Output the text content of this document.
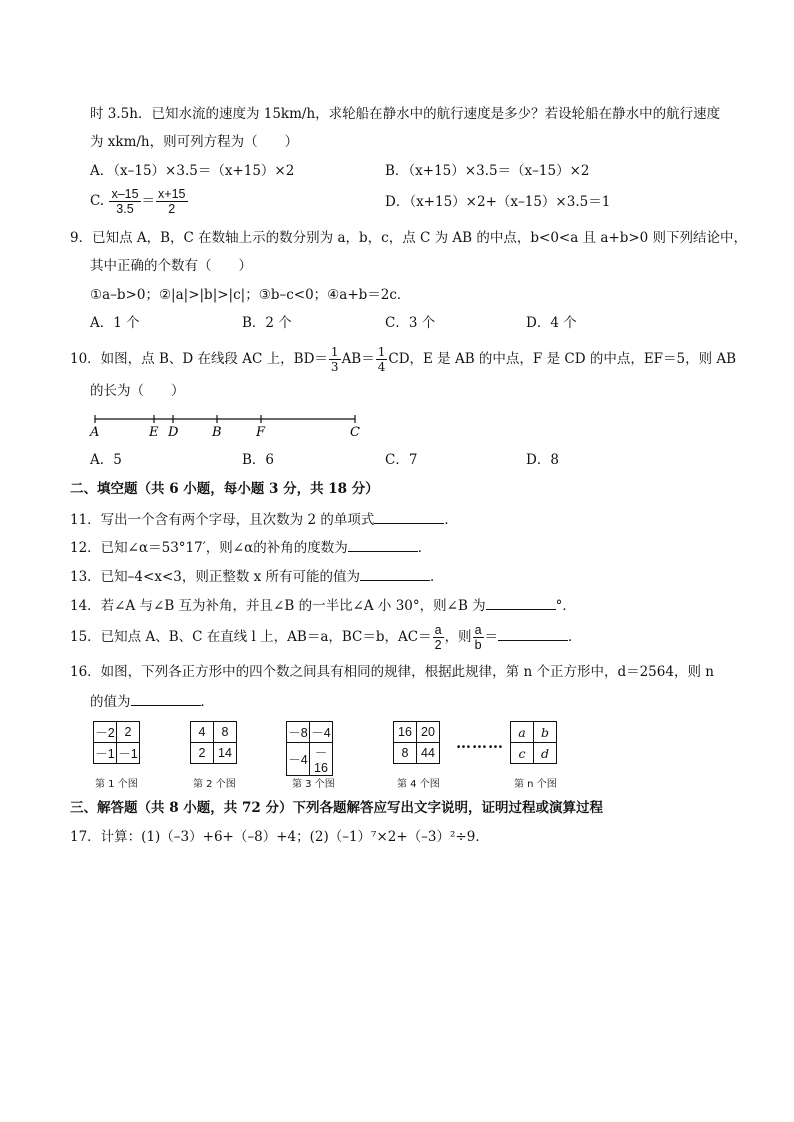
时 3.5h．已知水流的速度为 15km/h，求轮船在静水中的航行速度是多少？若设轮船在静水中的航行速度
为 xkm/h，则可列方程为（　　）
A．（x–15）×3.5＝（x+15）×2	B．（x+15）×3.5＝（x–15）×2
C. $\frac{x-15}{3.5} = \frac{x+15}{2}$	D．（x+15）×2+（x–15）×3.5＝1
9．已知点 A，B，C 在数轴上示的数分别为 a，b，c，点 C 为 AB 的中点，b<0<a 且 a+b>0 则下列结论中，
其中正确的个数有（　　）
①a–b>0；②|a|>|b|>|c|；③b–c<0；④a+b＝2c．
A．1 个	B．2 个	C．3 个	D．4 个
10．如图，点 B、D 在线段 AC 上，$BD= \frac{1}{3} AB= \frac{1}{4}$ CD，E 是 AB 的中点，F 是 CD 的中点，EF＝5，则 AB
的长为（　　）
A	E D	B	F	C
A．5	B．6	C．7	D．8
二、填空题（共 6 小题，每小题 3 分，共 18 分）
11．写出一个含有两个字母，且次数为 2 的单项式	．
12．已知∠α＝53°17′，则∠α的补角的度数为	．
13．已知–4<x<3，则正整数 x 所有可能的值为	．
14．若∠A 与∠B 互为补角，并且∠B 的一半比∠A 小 30°，则∠B 为	°．
15．已知点 A、B、C 在直线 l 上，AB＝a，BC＝b，$AC= \frac{a}{2}$ ，则 $\frac{a}{b}$ ＝	．
16．如图，下列各正方形中的四个数之间具有相同的规律，根据此规律，第 n 个正方形中，d＝2564，则 n
的值为	．
－2	2
－1	－1
第 1 个图
4	8
2	14
第 2 个图
－8	－4
－4	－16
第 3 个图
16	20
8	44
第 4 个图
………
a	b
c	d
第 n 个图
三、解答题（共 8 小题，共 72 分）下列各题解答应写出文字说明，证明过程或演算过程
17．计算：(1)（–3）+6+（–8）+4；(2)（–1）⁷×2+（–3）²÷9．
